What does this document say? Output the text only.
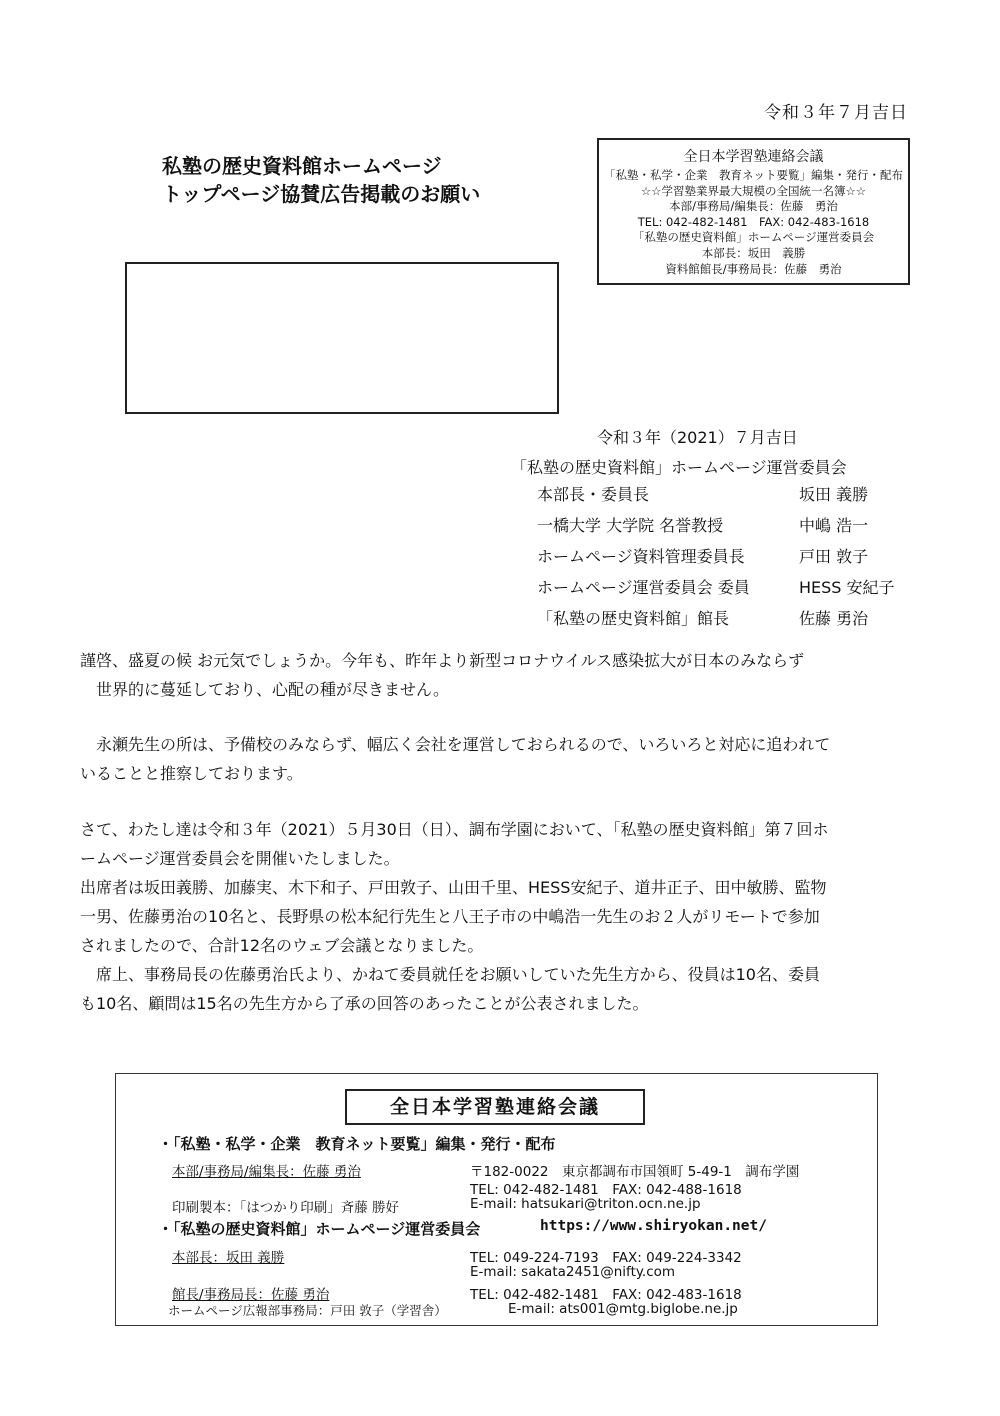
令和３年７月吉日
私塾の歴史資料館ホームページ
トップページ協賛広告掲載のお願い
全日本学習塾連絡会議
「私塾・私学・企業　教育ネット要覧」編集・発行・配布
☆☆学習塾業界最大規模の全国統一名簿☆☆
本部/事務局/編集長：佐藤　勇治
TEL: 042-482-1481　FAX: 042-483-1618
「私塾の歴史資料館」ホームページ運営委員会
本部長：坂田　義勝
資料館館長/事務局長：佐藤　勇治
令和３年（2021）７月吉日
「私塾の歴史資料館」ホームページ運営委員会
本部長・委員長	坂田 義勝
一橋大学 大学院 名誉教授	中嶋 浩一
ホームページ資料管理委員長	戸田 敦子
ホームページ運営委員会 委員	HESS 安紀子
「私塾の歴史資料館」館長	佐藤 勇治
謹啓、盛夏の候 お元気でしょうか。今年も、昨年より新型コロナウイルス感染拡大が日本のみならず
　世界的に蔓延しており、心配の種が尽きません。
　永瀬先生の所は、予備校のみならず、幅広く会社を運営しておられるので、いろいろと対応に追われて
いることと推察しております。
さて、わたし達は令和３年（2021）５月30日（日）、調布学園において、「私塾の歴史資料館」第７回ホ
ームページ運営委員会を開催いたしました。
出席者は坂田義勝、加藤実、木下和子、戸田敦子、山田千里、HESS安紀子、道井正子、田中敏勝、監物
一男、佐藤勇治の10名と、長野県の松本紀行先生と八王子市の中嶋浩一先生のお２人がリモートで参加
されましたので、合計12名のウェブ会議となりました。
　席上、事務局長の佐藤勇治氏より、かねて委員就任をお願いしていた先生方から、役員は10名、委員
も10名、顧問は15名の先生方から了承の回答のあったことが公表されました。
全日本学習塾連絡会議
・「私塾・私学・企業　教育ネット要覧」編集・発行・配布
本部/事務局/編集長：佐藤 勇治	〒182-0022　東京都調布市国領町 5-49-1　調布学園
TEL: 042-482-1481　FAX: 042-488-1618
印刷製本：「はつかり印刷」斉藤 勝好	E-mail: hatsukari@triton.ocn.ne.jp
・「私塾の歴史資料館」ホームページ運営委員会	https://www.shiryokan.net/
本部長：坂田 義勝	TEL: 049-224-7193　FAX: 049-224-3342
E-mail: sakata2451@nifty.com
館長/事務局長：佐藤 勇治	TEL: 042-482-1481　FAX: 042-483-1618
ホームページ広報部事務局：戸田 敦子（学習舎）	E-mail: ats001@mtg.biglobe.ne.jp
